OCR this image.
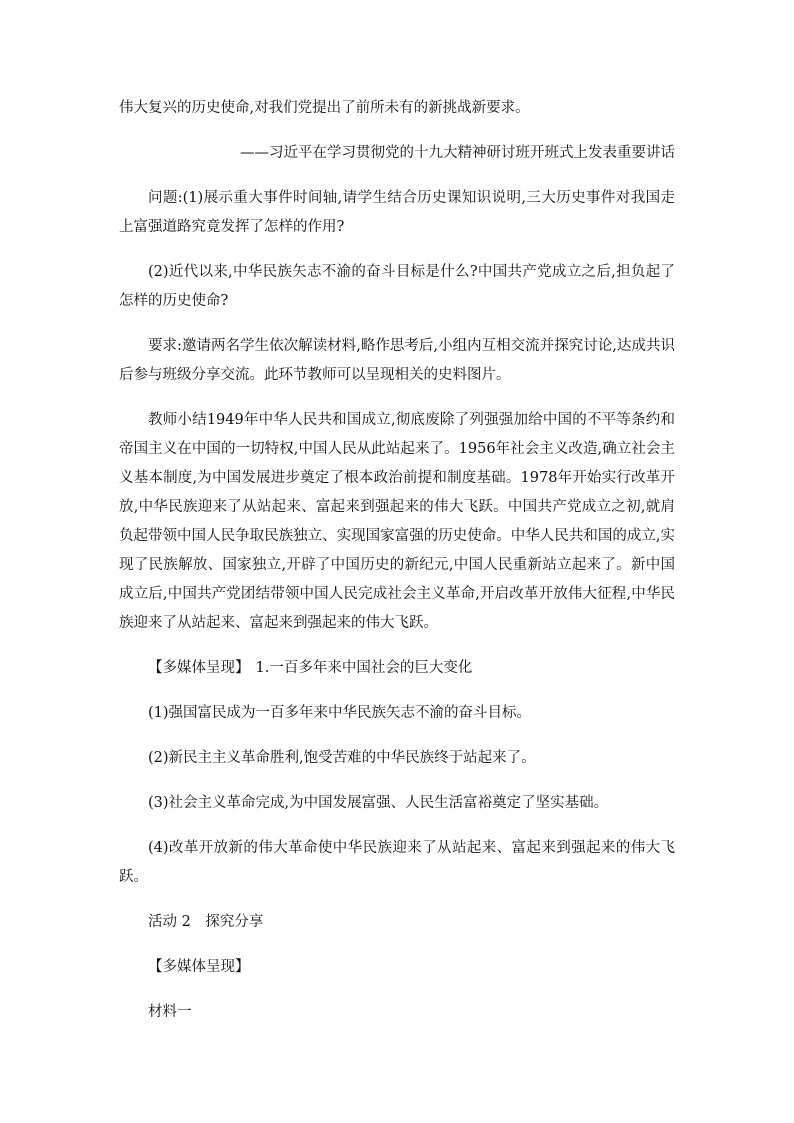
伟大复兴的历史使命,对我们党提出了前所未有的新挑战新要求。

——习近平在学习贯彻党的十九大精神研讨班开班式上发表重要讲话

问题:(1)展示重大事件时间轴,请学生结合历史课知识说明,三大历史事件对我国走上富强道路究竟发挥了怎样的作用?

(2)近代以来,中华民族矢志不渝的奋斗目标是什么?中国共产党成立之后,担负起了怎样的历史使命?

要求:邀请两名学生依次解读材料,略作思考后,小组内互相交流并探究讨论,达成共识后参与班级分享交流。此环节教师可以呈现相关的史料图片。

教师小结1949年中华人民共和国成立,彻底废除了列强强加给中国的不平等条约和帝国主义在中国的一切特权,中国人民从此站起来了。1956年社会主义改造,确立社会主义基本制度,为中国发展进步奠定了根本政治前提和制度基础。1978年开始实行改革开放,中华民族迎来了从站起来、富起来到强起来的伟大飞跃。中国共产党成立之初,就肩负起带领中国人民争取民族独立、实现国家富强的历史使命。中华人民共和国的成立,实现了民族解放、国家独立,开辟了中国历史的新纪元,中国人民重新站立起来了。新中国成立后,中国共产党团结带领中国人民完成社会主义革命,开启改革开放伟大征程,中华民族迎来了从站起来、富起来到强起来的伟大飞跃。

【多媒体呈现】 1.一百多年来中国社会的巨大变化

(1)强国富民成为一百多年来中华民族矢志不渝的奋斗目标。

(2)新民主主义革命胜利,饱受苦难的中华民族终于站起来了。

(3)社会主义革命完成,为中国发展富强、人民生活富裕奠定了坚实基础。

(4)改革开放新的伟大革命使中华民族迎来了从站起来、富起来到强起来的伟大飞跃。

活动 2　探究分享

【多媒体呈现】

材料一
